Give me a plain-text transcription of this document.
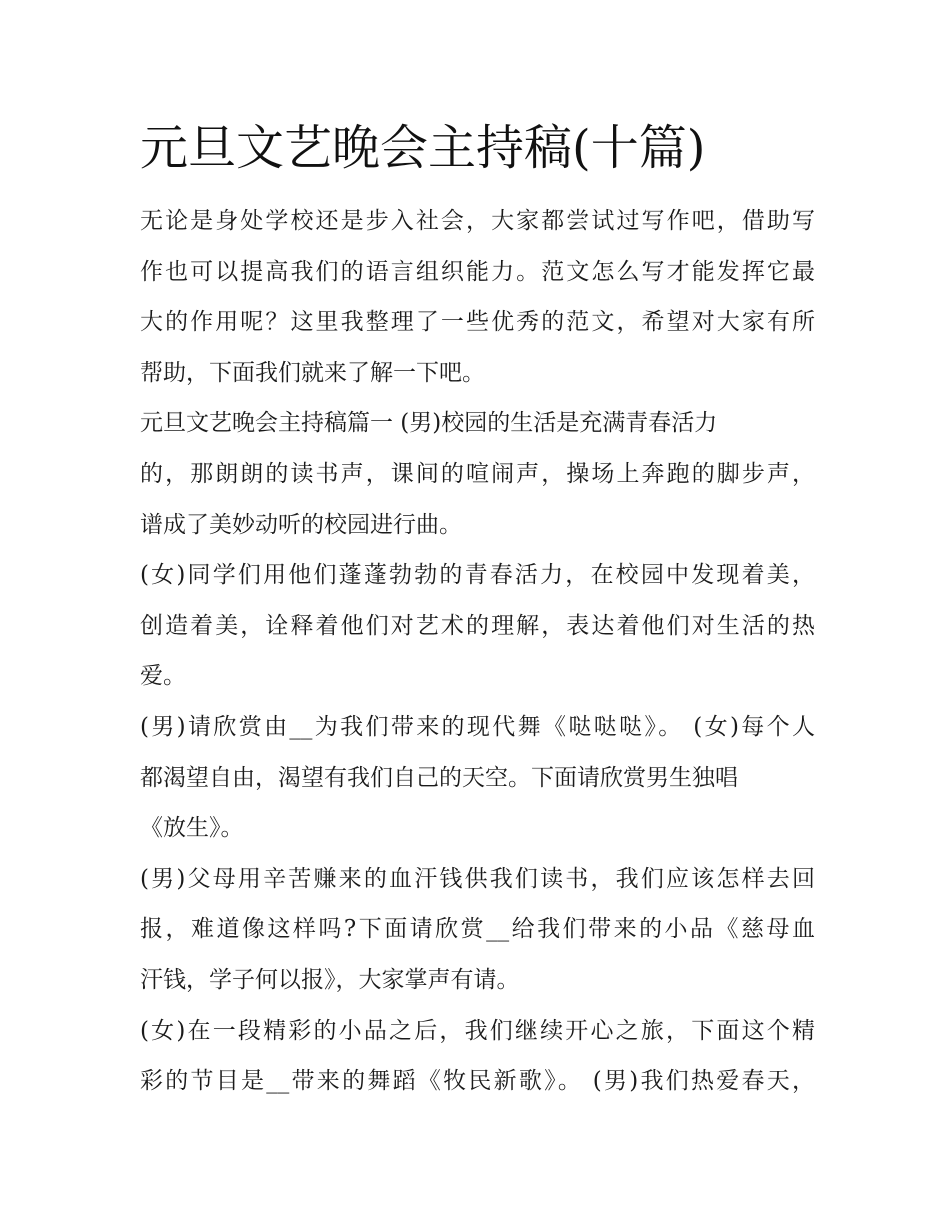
元旦文艺晚会主持稿(十篇)

无论是身处学校还是步入社会，大家都尝试过写作吧，借助写

作也可以提高我们的语言组织能力。范文怎么写才能发挥它最

大的作用呢？这里我整理了一些优秀的范文，希望对大家有所

帮助，下面我们就来了解一下吧。

元旦文艺晚会主持稿篇一 (男)校园的生活是充满青春活力

的，那朗朗的读书声，课间的喧闹声，操场上奔跑的脚步声，

谱成了美妙动听的校园进行曲。

(女)同学们用他们蓬蓬勃勃的青春活力，在校园中发现着美，

创造着美，诠释着他们对艺术的理解，表达着他们对生活的热

爱。

(男)请欣赏由__为我们带来的现代舞《哒哒哒》。 (女)每个人

都渴望自由，渴望有我们自己的天空。下面请欣赏男生独唱

《放生》。

(男)父母用辛苦赚来的血汗钱供我们读书，我们应该怎样去回

报，难道像这样吗?下面请欣赏__给我们带来的小品《慈母血

汗钱，学子何以报》，大家掌声有请。

(女)在一段精彩的小品之后，我们继续开心之旅，下面这个精

彩的节目是__带来的舞蹈《牧民新歌》。 (男)我们热爱春天，
